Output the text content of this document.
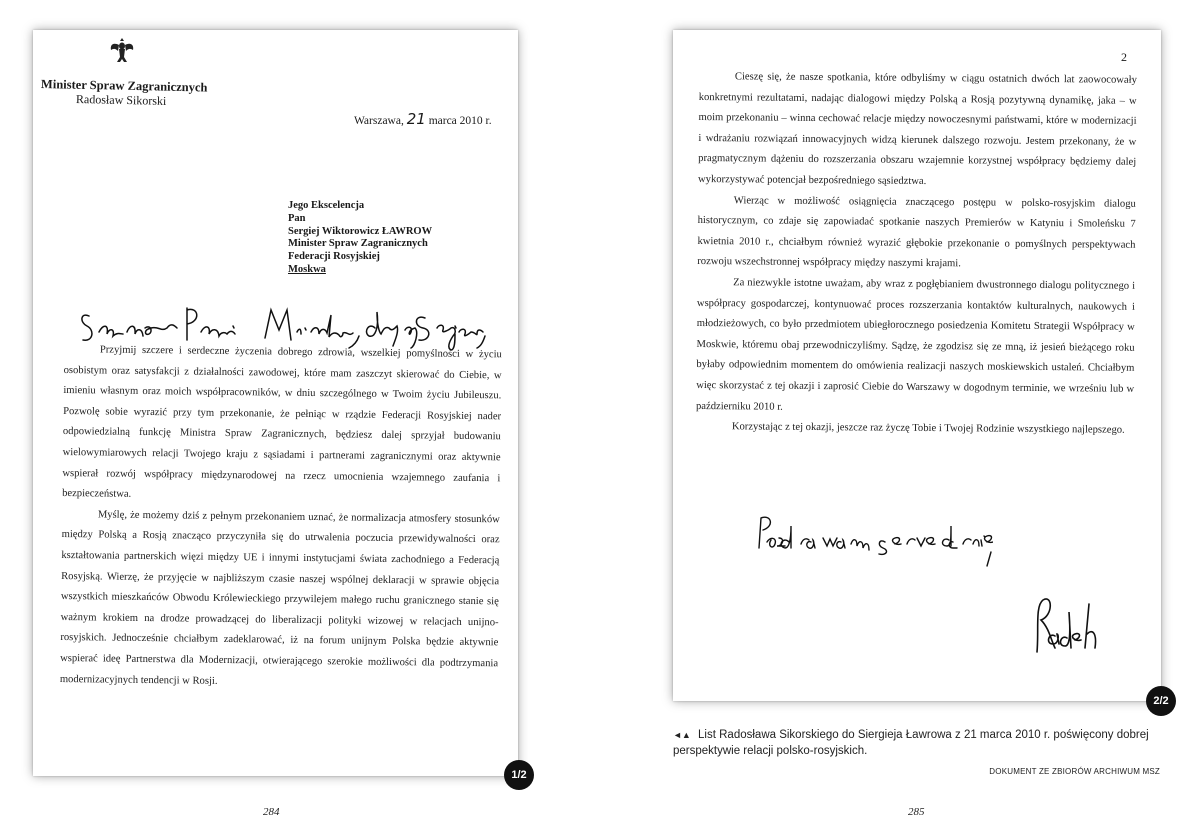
Minister Spraw Zagranicznych
Radosław Sikorski
Warszawa, 21 marca 2010 r.
Jego Ekscelencja
Pan
Sergiej Wiktorowicz ŁAWROW
Minister Spraw Zagranicznych
Federacji Rosyjskiej
Moskwa

Przyjmij szczere i serdeczne życzenia dobrego zdrowia, wszelkiej pomyślności w życiu osobistym oraz satysfakcji z działalności zawodowej, które mam zaszczyt skierować do Ciebie, w imieniu własnym oraz moich współpracowników, w dniu szczególnego w Twoim życiu Jubileuszu. Pozwolę sobie wyrazić przy tym przekonanie, że pełniąc w rządzie Federacji Rosyjskiej nader odpowiedzialną funkcję Ministra Spraw Zagranicznych, będziesz dalej sprzyjał budowaniu wielowymiarowych relacji Twojego kraju z sąsiadami i partnerami zagranicznymi oraz aktywnie wspierał rozwój współpracy międzynarodowej na rzecz umocnienia wzajemnego zaufania i bezpieczeństwa.

Myślę, że możemy dziś z pełnym przekonaniem uznać, że normalizacja atmosfery stosunków między Polską a Rosją znacząco przyczyniła się do utrwalenia poczucia przewidywalności oraz kształtowania partnerskich więzi między UE i innymi instytucjami świata zachodniego a Federacją Rosyjską. Wierzę, że przyjęcie w najbliższym czasie naszej wspólnej deklaracji w sprawie objęcia wszystkich mieszkańców Obwodu Królewieckiego przywilejem małego ruchu granicznego stanie się ważnym krokiem na drodze prowadzącej do liberalizacji polityki wizowej w relacjach unijno-rosyjskich. Jednocześnie chciałbym zadeklarować, iż na forum unijnym Polska będzie aktywnie wspierać ideę Partnerstwa dla Modernizacji, otwierającego szerokie możliwości dla podtrzymania modernizacyjnych tendencji w Rosji.

1/2
2

Cieszę się, że nasze spotkania, które odbyliśmy w ciągu ostatnich dwóch lat zaowocowały konkretnymi rezultatami, nadając dialogowi między Polską a Rosją pozytywną dynamikę, jaka – w moim przekonaniu – winna cechować relacje między nowoczesnymi państwami, które w modernizacji i wdrażaniu rozwiązań innowacyjnych widzą kierunek dalszego rozwoju. Jestem przekonany, że w pragmatycznym dążeniu do rozszerzania obszaru wzajemnie korzystnej współpracy będziemy dalej wykorzystywać potencjał bezpośredniego sąsiedztwa.

Wierząc w możliwość osiągnięcia znaczącego postępu w polsko-rosyjskim dialogu historycznym, co zdaje się zapowiadać spotkanie naszych Premierów w Katyniu i Smoleńsku 7 kwietnia 2010 r., chciałbym również wyrazić głębokie przekonanie o pomyślnych perspektywach rozwoju wszechstronnej współpracy między naszymi krajami.

Za niezwykle istotne uważam, aby wraz z pogłębianiem dwustronnego dialogu politycznego i współpracy gospodarczej, kontynuować proces rozszerzania kontaktów kulturalnych, naukowych i młodzieżowych, co było przedmiotem ubiegłorocznego posiedzenia Komitetu Strategii Współpracy w Moskwie, któremu obaj przewodniczyliśmy. Sądzę, że zgodzisz się ze mną, iż jesień bieżącego roku byłaby odpowiednim momentem do omówienia realizacji naszych moskiewskich ustaleń. Chciałbym więc skorzystać z tej okazji i zaprosić Ciebie do Warszawy w dogodnym terminie, we wrześniu lub w październiku 2010 r.

Korzystając z tej okazji, jeszcze raz życzę Tobie i Twojej Rodzinie wszystkiego najlepszego.

2/2
◄▲ List Radosława Sikorskiego do Siergieja Ławrowa z 21 marca 2010 r. poświęcony dobrej perspektywie relacji polsko-rosyjskich.
DOKUMENT ZE ZBIORÓW ARCHIWUM MSZ
284	285
